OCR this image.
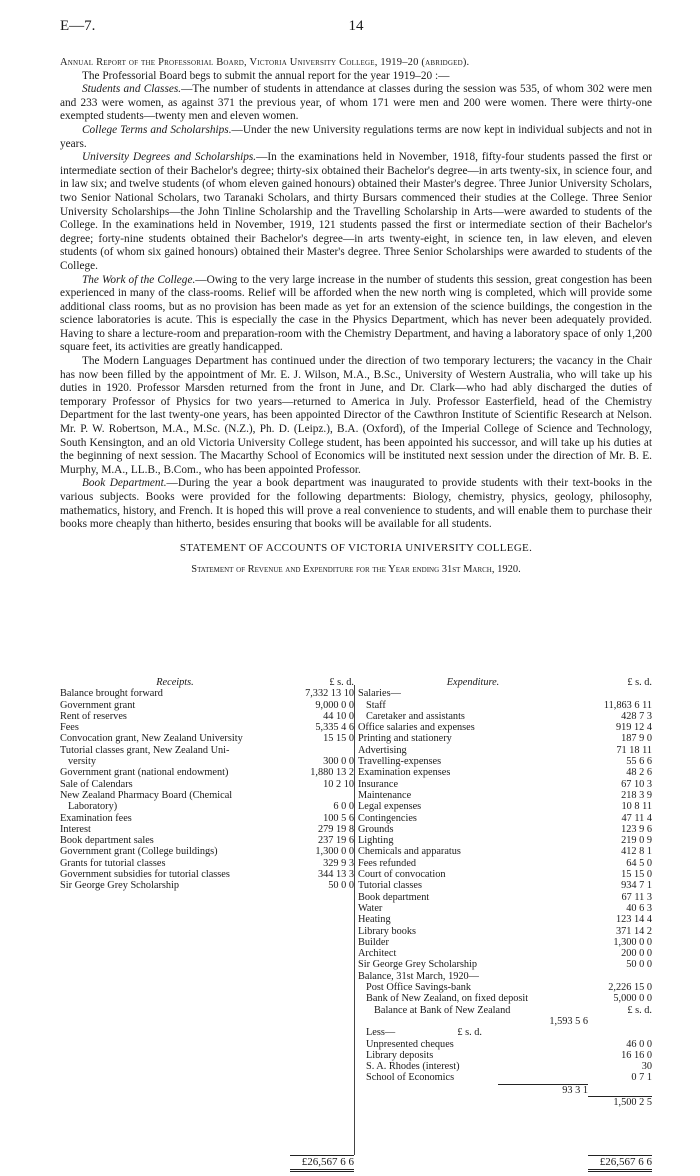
E—7.	14
Annual Report of the Professorial Board, Victoria University College, 1919–20 (abridged).

The Professorial Board begs to submit the annual report for the year 1919–20 :—

Students and Classes.—The number of students in attendance at classes during the session was 535, of whom 302 were men and 233 were women, as against 371 the previous year, of whom 171 were men and 200 were women. There were thirty-one exempted students—twenty men and eleven women.

College Terms and Scholarships.—Under the new University regulations terms are now kept in individual subjects and not in years.

University Degrees and Scholarships.—In the examinations held in November, 1918, fifty-four students passed the first or intermediate section of their Bachelor's degree; thirty-six obtained their Bachelor's degree—in arts twenty-six, in science four, and in law six; and twelve students (of whom eleven gained honours) obtained their Master's degree. Three Junior University Scholars, two Senior National Scholars, two Taranaki Scholars, and thirty Bursars commenced their studies at the College. Three Senior University Scholarships—the John Tinline Scholarship and the Travelling Scholarship in Arts—were awarded to students of the College. In the examinations held in November, 1919, 121 students passed the first or intermediate section of their Bachelor's degree; forty-nine students obtained their Bachelor's degree—in arts twenty-eight, in science ten, in law eleven, and eleven students (of whom six gained honours) obtained their Master's degree. Three Senior Scholarships were awarded to students of the College.

The Work of the College.—Owing to the very large increase in the number of students this session, great congestion has been experienced in many of the class-rooms. Relief will be afforded when the new north wing is completed, which will provide some additional class rooms, but as no provision has been made as yet for an extension of the science buildings, the congestion in the science laboratories is acute. This is especially the case in the Physics Department, which has never been adequately provided. Having to share a lecture-room and preparation-room with the Chemistry Department, and having a laboratory space of only 1,200 square feet, its activities are greatly handicapped.

The Modern Languages Department has continued under the direction of two temporary lecturers; the vacancy in the Chair has now been filled by the appointment of Mr. E. J. Wilson, M.A., B.Sc., University of Western Australia, who will take up his duties in 1920. Professor Marsden returned from the front in June, and Dr. Clark—who had ably discharged the duties of temporary Professor of Physics for two years—returned to America in July. Professor Easterfield, head of the Chemistry Department for the last twenty-one years, has been appointed Director of the Cawthron Institute of Scientific Research at Nelson. Mr. P. W. Robertson, M.A., M.Sc. (N.Z.), Ph. D. (Leipz.), B.A. (Oxford), of the Imperial College of Science and Technology, South Kensington, and an old Victoria University College student, has been appointed his successor, and will take up his duties at the beginning of next session. The Macarthy School of Economics will be instituted next session under the direction of Mr. B. E. Murphy, M.A., LL.B., B.Com., who has been appointed Professor.

Book Department.—During the year a book department was inaugurated to provide students with their text-books in the various subjects. Books were provided for the following departments: Biology, chemistry, physics, geology, philosophy, mathematics, history, and French. It is hoped this will prove a real convenience to students, and will enable them to purchase their books more cheaply than hitherto, besides ensuring that books will be available for all students.

STATEMENT OF ACCOUNTS OF VICTORIA UNIVERSITY COLLEGE.
Statement of Revenue and Expenditure for the Year ending 31st March, 1920.
Receipts.	£ s. d.
Balance brought forward	7,332 13 10
Government grant	9,000 0 0
Rent of reserves	44 10 0
Fees	5,335 4 6
Convocation grant, New Zealand University	15 15 0
Tutorial classes grant, New Zealand Uni-
versity	300 0 0
Government grant (national endowment)	1,880 13 2
Sale of Calendars	10 2 10
New Zealand Pharmacy Board (Chemical
Laboratory)	6 0 0
Examination fees	100 5 6
Interest	279 19 8
Book department sales	237 19 6
Government grant (College buildings)	1,300 0 0
Grants for tutorial classes	329 9 3
Government subsidies for tutorial classes	344 13 3
Sir George Grey Scholarship	50 0 0
Expenditure.	£ s. d.
Salaries—
Staff	11,863 6 11
Caretaker and assistants	428 7 3
Office salaries and expenses	919 12 4
Printing and stationery	187 9 0
Advertising	71 18 11
Travelling-expenses	55 6 6
Examination expenses	48 2 6
Insurance	67 10 3
Maintenance	218 3 9
Legal expenses	10 8 11
Contingencies	47 11 4
Grounds	123 9 6
Lighting	219 0 9
Chemicals and apparatus	412 8 1
Fees refunded	64 5 0
Court of convocation	15 15 0
Tutorial classes	934 7 1
Book department	67 11 3
Water	40 6 3
Heating	123 14 4
Library books	371 14 2
Builder	1,300 0 0
Architect	200 0 0
Sir George Grey Scholarship	50 0 0
Balance, 31st March, 1920—
Post Office Savings-bank	2,226 15 0
Bank of New Zealand, on fixed deposit	5,000 0 0
Balance at Bank of New Zealand	£ s. d.
1,593 5 6
Less—	£ s. d.
Unpresented cheques	46 0 0
Library deposits	16 16 0
S. A. Rhodes (interest)	30
School of Economics	0 7 1
93 3 1
1,500 2 5
£26,567 6 6	£26,567 6 6
